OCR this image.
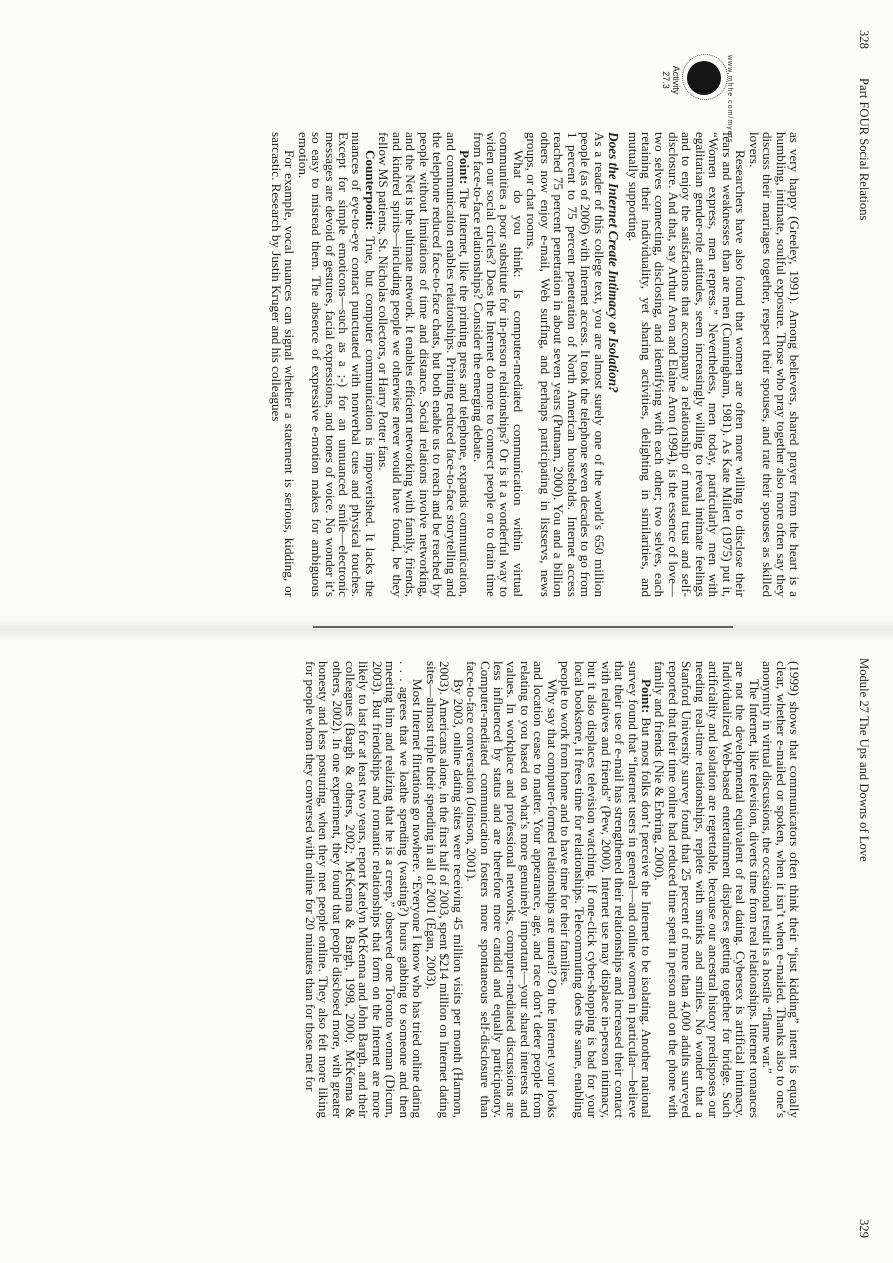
328 Part FOUR Social Relations
www.mhhe.com/myers
Activity
27.3

as very happy (Greeley, 1991). Among believers, shared prayer from the heart is a humbling, intimate, soulful exposure. Those who pray together also more often say they discuss their marriages together, respect their spouses, and rate their spouses as skilled lovers.

Researchers have also found that women are often more willing to disclose their fears and weaknesses than are men (Cunningham, 1981). As Kate Millett (1975) put it, “Women express, men repress.” Nevertheless, men today, particularly men with egalitarian gender-role attitudes, seem increasingly willing to reveal intimate feelings and to enjoy the satisfactions that accompany a relationship of mutual trust and self-disclosure. And that, say Arthur Aron and Elaine Aron (1994), is the essence of love—two selves connecting, disclosing, and identifying with each other; two selves, each retaining their individuality, yet sharing activities, delighting in similarities, and mutually supporting.

Does the Internet Create Intimacy or Isolation?

As a reader of this college text, you are almost surely one of the world’s 650 million people (as of 2006) with Internet access. It took the telephone seven decades to go from 1 percent to 75 percent penetration of North American households. Internet access reached 75 percent penetration in about seven years (Putnam, 2000). You and a billion others now enjoy e-mail, Web surfing, and perhaps participating in listservs, news groups, or chat rooms.

What do you think: Is computer-mediated communication within virtual communities a poor substitute for in-person relationships? Or is it a wonderful way to widen our social circles? Does the Internet do more to connect people or to drain time from face-to-face relationships? Consider the emerging debate.

Point: The Internet, like the printing press and telephone, expands communication, and communication enables relationships. Printing reduced face-to-face storytelling and the telephone reduced face-to-face chats, but both enable us to reach and be reached by people without limitations of time and distance. Social relations involve networking, and the Net is the ultimate network. It enables efficient networking with family, friends, and kindred spirits—including people we otherwise never would have found, be they fellow MS patients, St. Nicholas collectors, or Harry Potter fans.

Counterpoint: True, but computer communication is impoverished. It lacks the nuances of eye-to-eye contact punctuated with nonverbal cues and physical touches. Except for simple emoticons—such as a ;-) for an unnuanced smile—electronic messages are devoid of gestures, facial expressions, and tones of voice. No wonder it’s so easy to misread them. The absence of expressive e-motion makes for ambiguous emotion.

For example, vocal nuances can signal whether a statement is serious, kidding, or sarcastic. Research by Justin Kruger and his colleagues

Module 27 The Ups and Downs of Love
329

(1999) shows that communicators often think their “just kidding” intent is equally clear, whether e-mailed or spoken, when it isn’t when e-mailed. Thanks also to one’s anonymity in virtual discussions, the occasional result is a hostile “flame war.”

The Internet, like television, diverts time from real relationships. Internet romances are not the developmental equivalent of real dating. Cybersex is artificial intimacy. Individualized Web-based entertainment displaces getting together for bridge. Such artificiality and isolation are regrettable, because our ancestral history predisposes our needing real-time relationships, replete with smirks and smiles. No wonder that a Stanford University survey found that 25 percent of more than 4,000 adults surveyed reported that their time online had reduced time spent in person and on the phone with family and friends (Nie & Erbring, 2000).

Point: But most folks don’t perceive the Internet to be isolating. Another national survey found that “Internet users in general—and online women in particular—believe that their use of e-mail has strengthened their relationships and increased their contact with relatives and friends” (Pew, 2000). Internet use may displace in-person intimacy, but it also displaces television watching. If one-click cyber-shopping is bad for your local bookstore, it frees time for relationships. Telecommuting does the same, enabling people to work from home and to have time for their families.

Why say that computer-formed relationships are unreal? On the Internet your looks and location cease to matter. Your appearance, age, and race don’t deter people from relating to you based on what’s more genuinely important—your shared interests and values. In workplace and professional networks, computer-mediated discussions are less influenced by status and are therefore more candid and equally participatory. Computer-mediated communication fosters more spontaneous self-disclosure than face-to-face conversation (Joinson, 2001).

By 2003, online dating sites were receiving 45 million visits per month (Harmon, 2003). Americans alone, in the first half of 2003, spent $214 million on Internet dating sites—almost triple their spending in all of 2001 (Egan, 2003).

Most Internet flirtations go nowhere. “Everyone I know who has tried online dating . . . agrees that we loathe spending (wasting?) hours gabbing to someone and then meeting him and realizing that he is a creep,” observed one Toronto woman (Dicum, 2003). But friendships and romantic relationships that form on the Internet are more likely to last for at least two years, report Katelyn McKenna and John Bargh, and their colleagues (Bargh & others, 2002; McKenna & Bargh, 1998, 2000; McKenna & others, 2002). In one experiment, they found that people disclosed more, with greater honesty and less posturing, when they met people online. They also felt more liking for people whom they conversed with online for 20 minutes than for those met for
